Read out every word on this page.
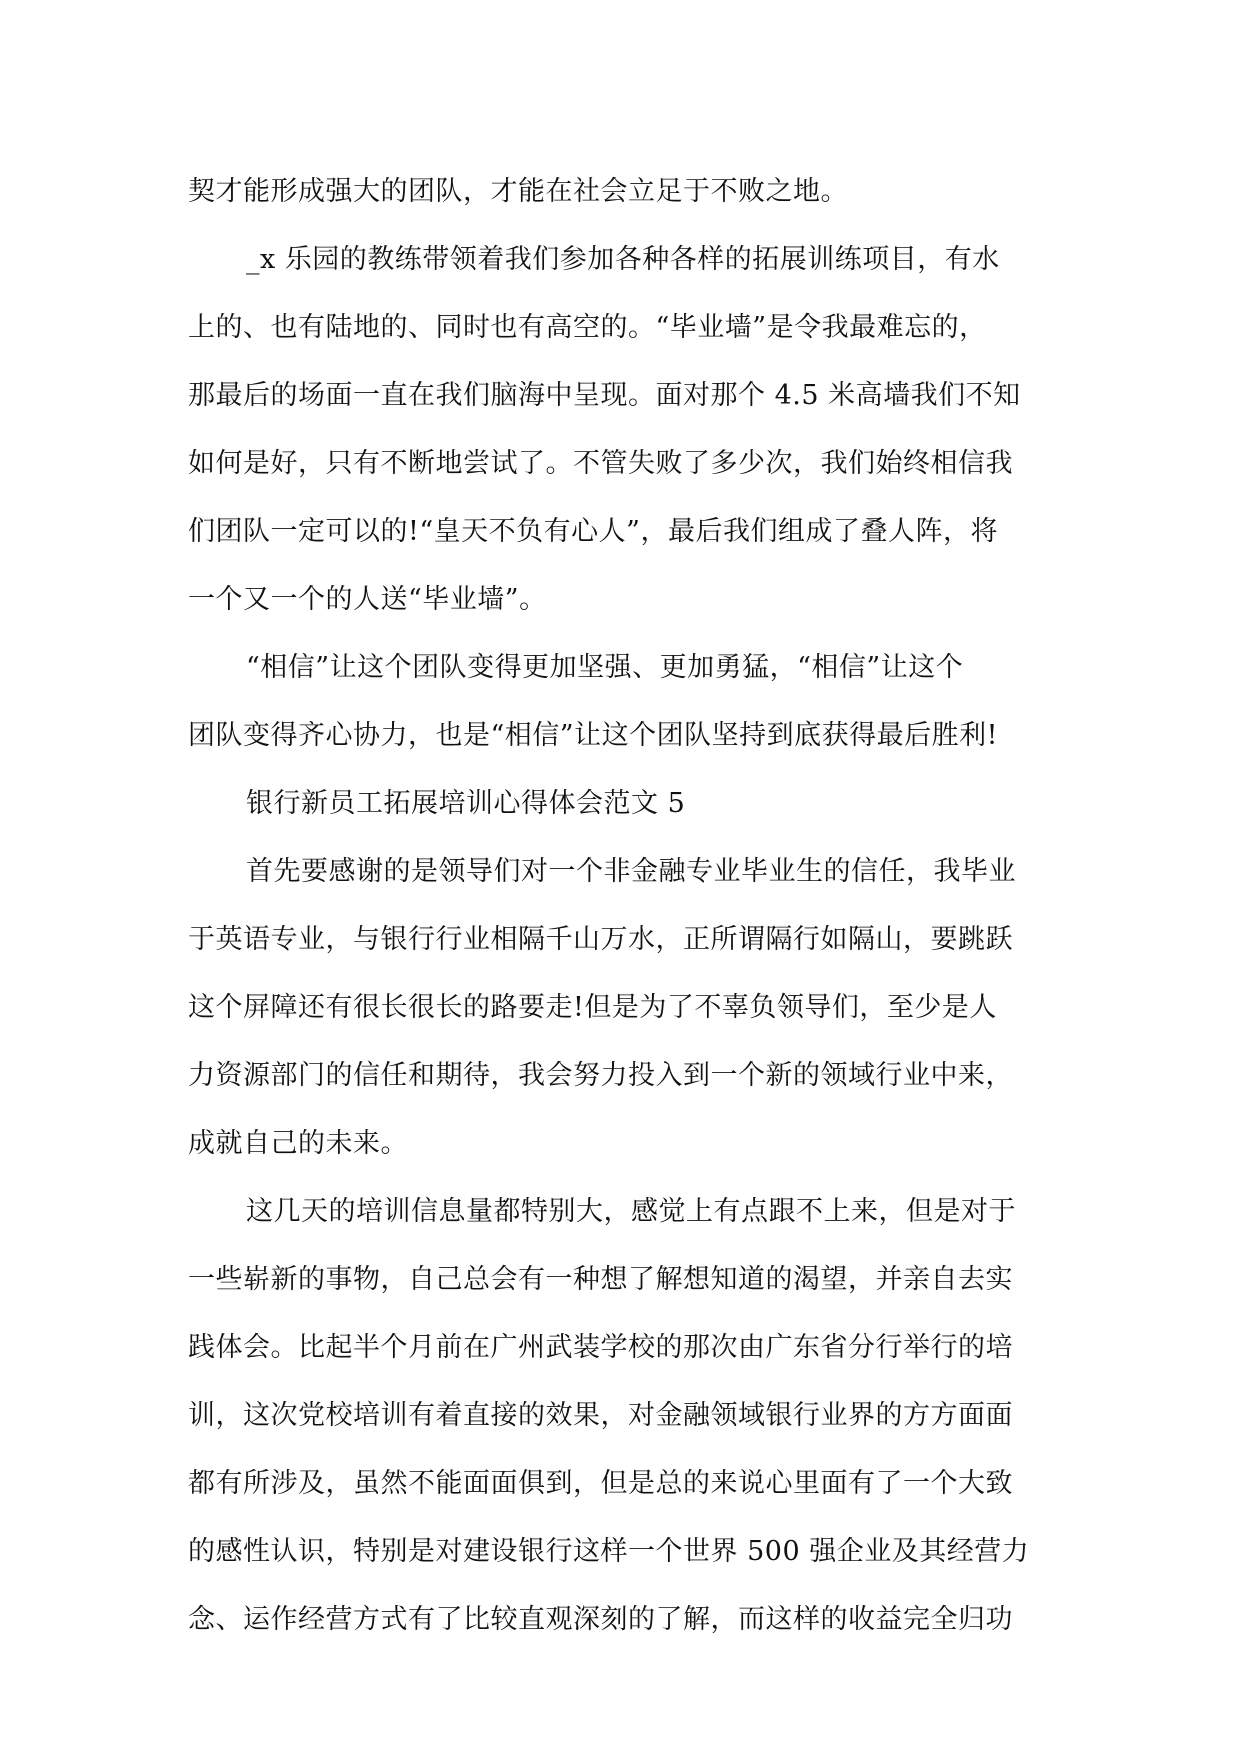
契才能形成强大的团队，才能在社会立足于不败之地。
_x 乐园的教练带领着我们参加各种各样的拓展训练项目，有水
上的、也有陆地的、同时也有高空的。“毕业墙”是令我最难忘的，
那最后的场面一直在我们脑海中呈现。面对那个 4.5 米高墙我们不知
如何是好，只有不断地尝试了。不管失败了多少次，我们始终相信我
们团队一定可以的!“皇天不负有心人”，最后我们组成了叠人阵，将
一个又一个的人送“毕业墙”。
“相信”让这个团队变得更加坚强、更加勇猛，“相信”让这个
团队变得齐心协力，也是“相信”让这个团队坚持到底获得最后胜利!
银行新员工拓展培训心得体会范文 5
首先要感谢的是领导们对一个非金融专业毕业生的信任，我毕业
于英语专业，与银行行业相隔千山万水，正所谓隔行如隔山，要跳跃
这个屏障还有很长很长的路要走!但是为了不辜负领导们，至少是人
力资源部门的信任和期待，我会努力投入到一个新的领域行业中来，
成就自己的未来。
这几天的培训信息量都特别大，感觉上有点跟不上来，但是对于
一些崭新的事物，自己总会有一种想了解想知道的渴望，并亲自去实
践体会。比起半个月前在广州武装学校的那次由广东省分行举行的培
训，这次党校培训有着直接的效果，对金融领域银行业界的方方面面
都有所涉及，虽然不能面面俱到，但是总的来说心里面有了一个大致
的感性认识，特别是对建设银行这样一个世界 500 强企业及其经营力
念、运作经营方式有了比较直观深刻的了解，而这样的收益完全归功
